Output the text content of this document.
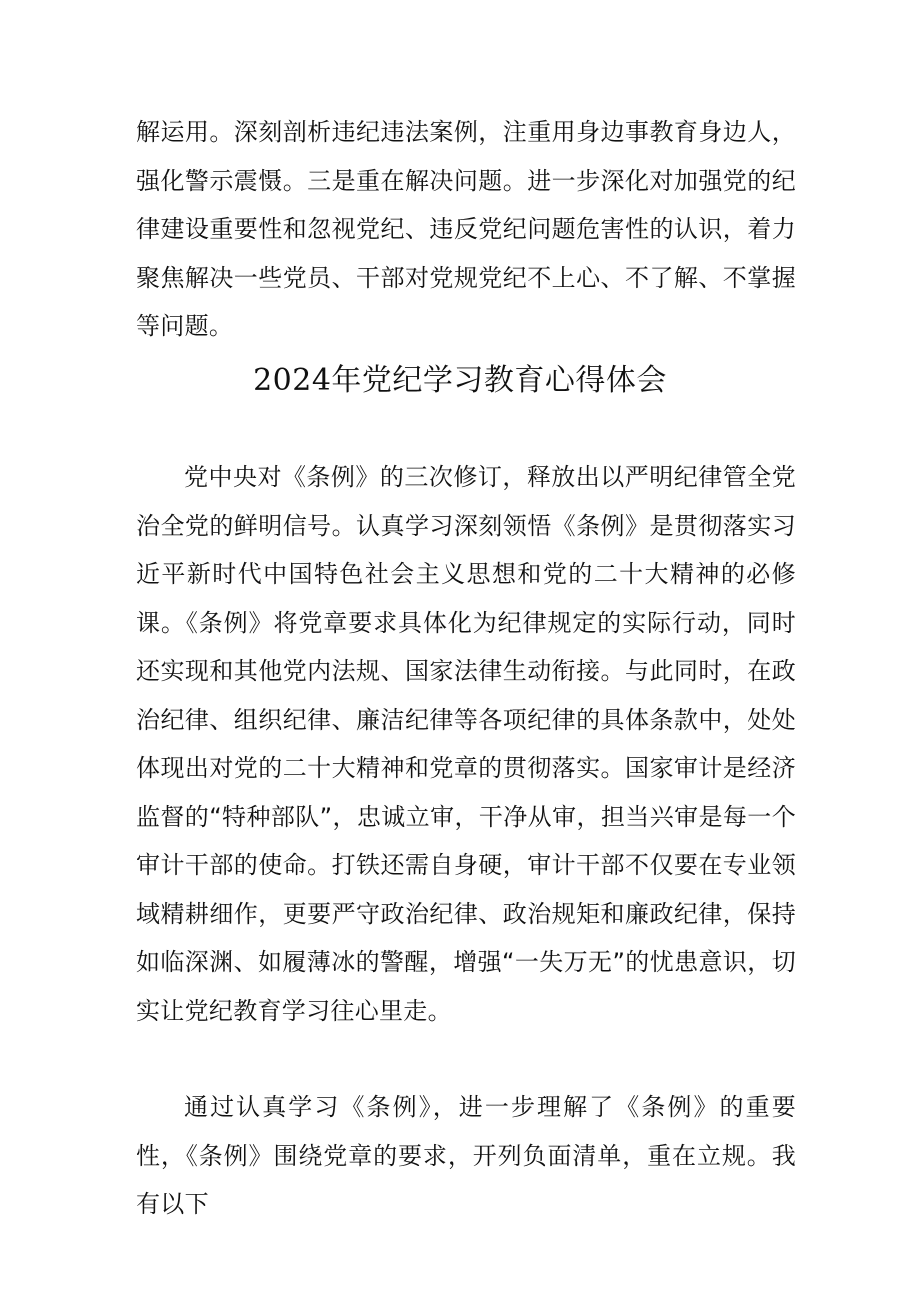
解运用。深刻剖析违纪违法案例，注重用身边事教育身边人，强化警示震慑。三是重在解决问题。进一步深化对加强党的纪律建设重要性和忽视党纪、违反党纪问题危害性的认识，着力聚焦解决一些党员、干部对党规党纪不上心、不了解、不掌握等问题。

2024年党纪学习教育心得体会

党中央对《条例》的三次修订，释放出以严明纪律管全党治全党的鲜明信号。认真学习深刻领悟《条例》是贯彻落实习近平新时代中国特色社会主义思想和党的二十大精神的必修课。《条例》将党章要求具体化为纪律规定的实际行动，同时还实现和其他党内法规、国家法律生动衔接。与此同时，在政治纪律、组织纪律、廉洁纪律等各项纪律的具体条款中，处处体现出对党的二十大精神和党章的贯彻落实。国家审计是经济监督的“特种部队”，忠诚立审，干净从审，担当兴审是每一个审计干部的使命。打铁还需自身硬，审计干部不仅要在专业领域精耕细作，更要严守政治纪律、政治规矩和廉政纪律，保持如临深渊、如履薄冰的警醒，增强“一失万无”的忧患意识，切实让党纪教育学习往心里走。

通过认真学习《条例》，进一步理解了《条例》的重要性，《条例》围绕党章的要求，开列负面清单，重在立规。我有以下
